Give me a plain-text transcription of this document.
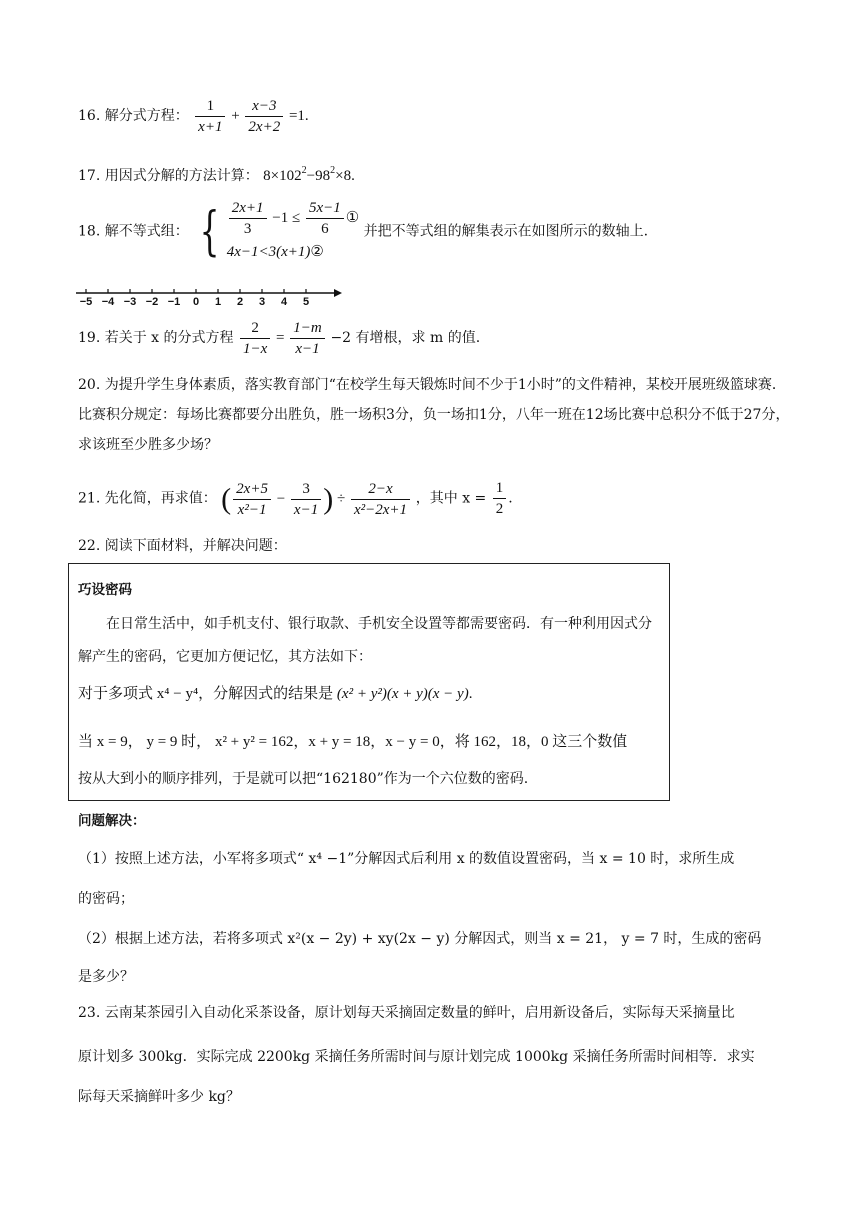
16. 解分式方程： $\frac{1}{x+1} + \frac{x-3}{2x+2} =1$.
17. 用因式分解的方法计算： $8\times 102^2-98^2\times 8$.
18. 解不等式组： { $\frac{2x+1}{3} -1 \le \frac{5x-1}{6}$ ①
4x−1<3(x+1)②
并把不等式组的解集表示在如图所示的数轴上.
−5 −4 −3 −2 −1	0	1	2	3	4	5
19. 若关于 x 的分式方程 $\frac{2}{1-x} = \frac{1-m}{x-1} -2$ 有增根，求 m 的值.
20. 为提升学生身体素质，落实教育部门“在校学生每天锻炼时间不少于1小时”的文件精神，某校开展班级篮球赛．比赛积分规定：每场比赛都要分出胜负，胜一场积3分，负一场扣1分，八年一班在12场比赛中总积分不低于27分，求该班至少胜多少场？
21. 先化简，再求值： ( $\frac{2x+5}{\text{x²−1}} - \frac{3}{x-1}$ ) ÷ $\frac{2-x}{\text{x²−2x+1}}$ ，其中 $x = \frac{1}{2}$ .
22. 阅读下面材料，并解决问题：
巧设密码
在日常生活中，如手机支付、银行取款、手机安全设置等都需要密码．有一种利用因式分解产生的密码，它更加方便记忆，其方法如下：
对于多项式 x⁴ − y⁴，分解因式的结果是 (x² + y²)(x + y)(x − y).
当 x = 9， y = 9 时， x² + y² = 162，x + y = 18，x − y = 0，将 162，18，0 这三个数值
按从大到小的顺序排列，于是就可以把“162180”作为一个六位数的密码.
问题解决：
（1）按照上述方法，小军将多项式“ x⁴ −1”分解因式后利用 x 的数值设置密码，当 x = 10 时，求所生成
的密码；
（2）根据上述方法，若将多项式 x²(x − 2y) + xy(2x − y) 分解因式，则当 x = 21， y = 7 时，生成的密码
是多少？
23. 云南某茶园引入自动化采茶设备，原计划每天采摘固定数量的鲜叶，启用新设备后，实际每天采摘量比
原计划多 300kg．实际完成 2200kg 采摘任务所需时间与原计划完成 1000kg 采摘任务所需时间相等．求实
际每天采摘鲜叶多少 kg？
